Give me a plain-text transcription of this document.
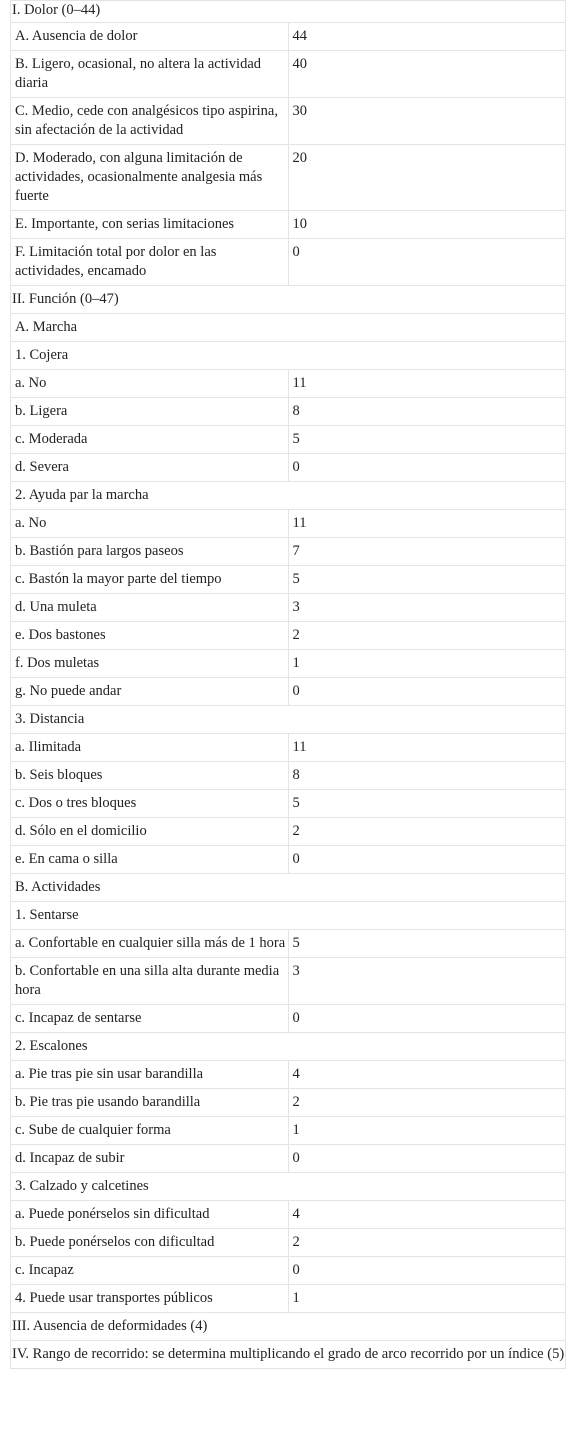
I. Dolor (0–44)	
A. Ausencia de dolor	44
B. Ligero, ocasional, no altera la actividad diaria	40
C. Medio, cede con analgésicos tipo aspirina, sin afectación de la actividad	30
D. Moderado, con alguna limitación de actividades, ocasionalmente analgesia más fuerte	20
E. Importante, con serias limitaciones	10
F. Limitación total por dolor en las actividades, encamado	0
II. Función (0–47)	
A. Marcha	
1. Cojera	
a. No	11
b. Ligera	8
c. Moderada	5
d. Severa	0
2. Ayuda par la marcha	
a. No	11
b. Bastión para largos paseos	7
c. Bastón la mayor parte del tiempo	5
d. Una muleta	3
e. Dos bastones	2
f. Dos muletas	1
g. No puede andar	0
3. Distancia	
a. Ilimitada	11
b. Seis bloques	8
c. Dos o tres bloques	5
d. Sólo en el domicilio	2
e. En cama o silla	0
B. Actividades	
1. Sentarse	
a. Confortable en cualquier silla más de 1 hora	5
b. Confortable en una silla alta durante media hora	3
c. Incapaz de sentarse	0
2. Escalones	
a. Pie tras pie sin usar barandilla	4
b. Pie tras pie usando barandilla	2
c. Sube de cualquier forma	1
d. Incapaz de subir	0
3. Calzado y calcetines	
a. Puede ponérselos sin dificultad	4
b. Puede ponérselos con dificultad	2
c. Incapaz	0
4. Puede usar transportes públicos	1
III. Ausencia de deformidades (4)	
IV. Rango de recorrido: se determina multiplicando el grado de arco recorrido por un índice (5)	
